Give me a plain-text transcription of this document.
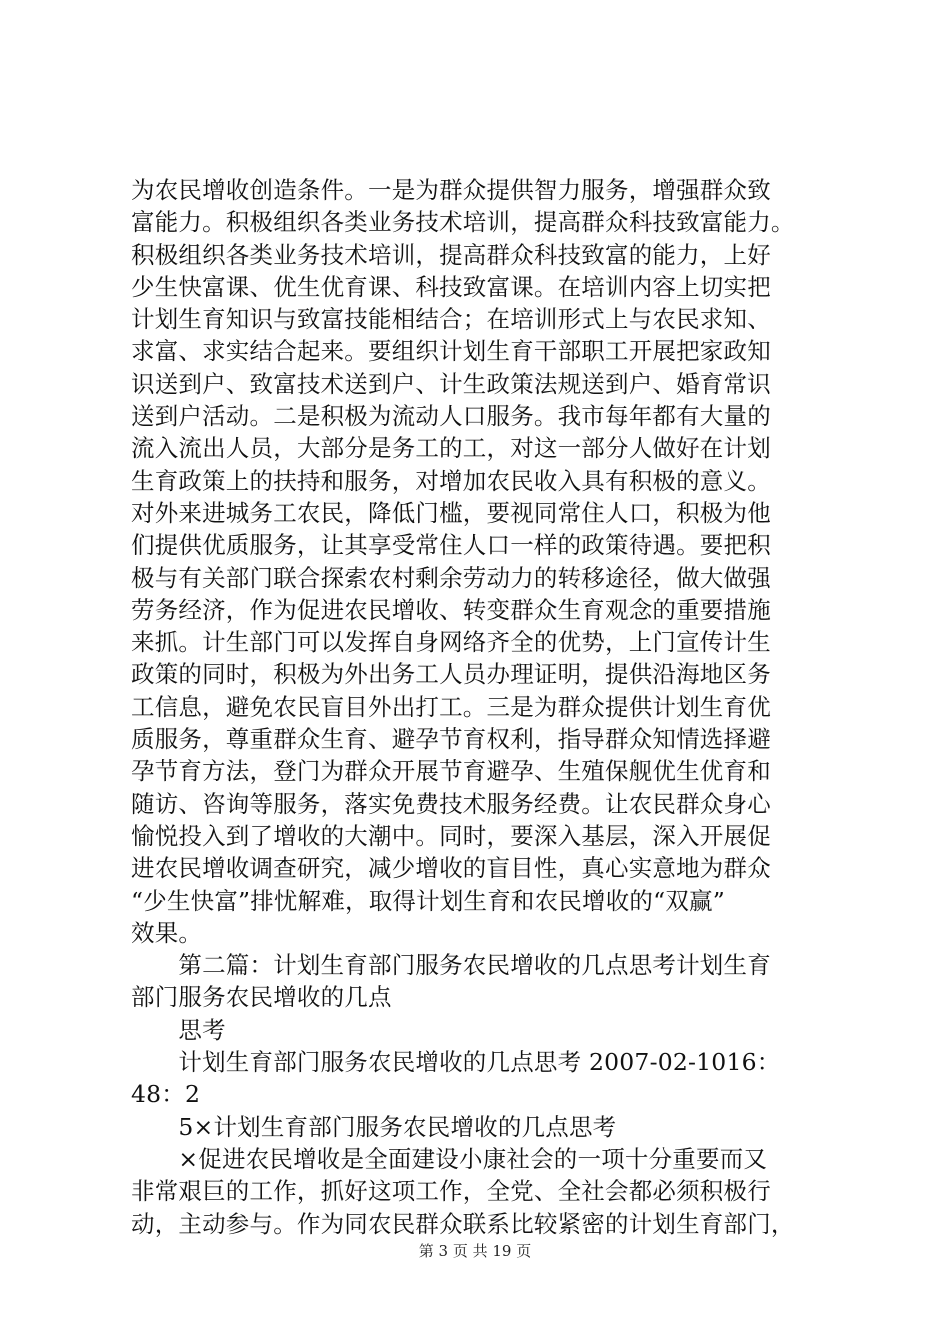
为农民增收创造条件。一是为群众提供智力服务，增强群众致
富能力。积极组织各类业务技术培训，提高群众科技致富能力。
积极组织各类业务技术培训，提高群众科技致富的能力，上好
少生快富课、优生优育课、科技致富课。在培训内容上切实把
计划生育知识与致富技能相结合；在培训形式上与农民求知、
求富、求实结合起来。要组织计划生育干部职工开展把家政知
识送到户、致富技术送到户、计生政策法规送到户、婚育常识
送到户活动。二是积极为流动人口服务。我市每年都有大量的
流入流出人员，大部分是务工的工，对这一部分人做好在计划
生育政策上的扶持和服务，对增加农民收入具有积极的意义。
对外来进城务工农民，降低门槛，要视同常住人口，积极为他
们提供优质服务，让其享受常住人口一样的政策待遇。要把积
极与有关部门联合探索农村剩余劳动力的转移途径，做大做强
劳务经济，作为促进农民增收、转变群众生育观念的重要措施
来抓。计生部门可以发挥自身网络齐全的优势，上门宣传计生
政策的同时，积极为外出务工人员办理证明，提供沿海地区务
工信息，避免农民盲目外出打工。三是为群众提供计划生育优
质服务，尊重群众生育、避孕节育权利，指导群众知情选择避
孕节育方法，登门为群众开展节育避孕、生殖保舰优生优育和
随访、咨询等服务，落实免费技术服务经费。让农民群众身心
愉悦投入到了增收的大潮中。同时，要深入基层，深入开展促
进农民增收调查研究，减少增收的盲目性，真心实意地为群众
“少生快富”排忧解难，取得计划生育和农民增收的“双赢”
效果。
　　第二篇：计划生育部门服务农民增收的几点思考计划生育
部门服务农民增收的几点
　　思考
　　计划生育部门服务农民增收的几点思考 2007-02-1016：
48：2
　　5×计划生育部门服务农民增收的几点思考
　　×促进农民增收是全面建设小康社会的一项十分重要而又
非常艰巨的工作，抓好这项工作，全党、全社会都必须积极行
动，主动参与。作为同农民群众联系比较紧密的计划生育部门，
第 3 页 共 19 页
